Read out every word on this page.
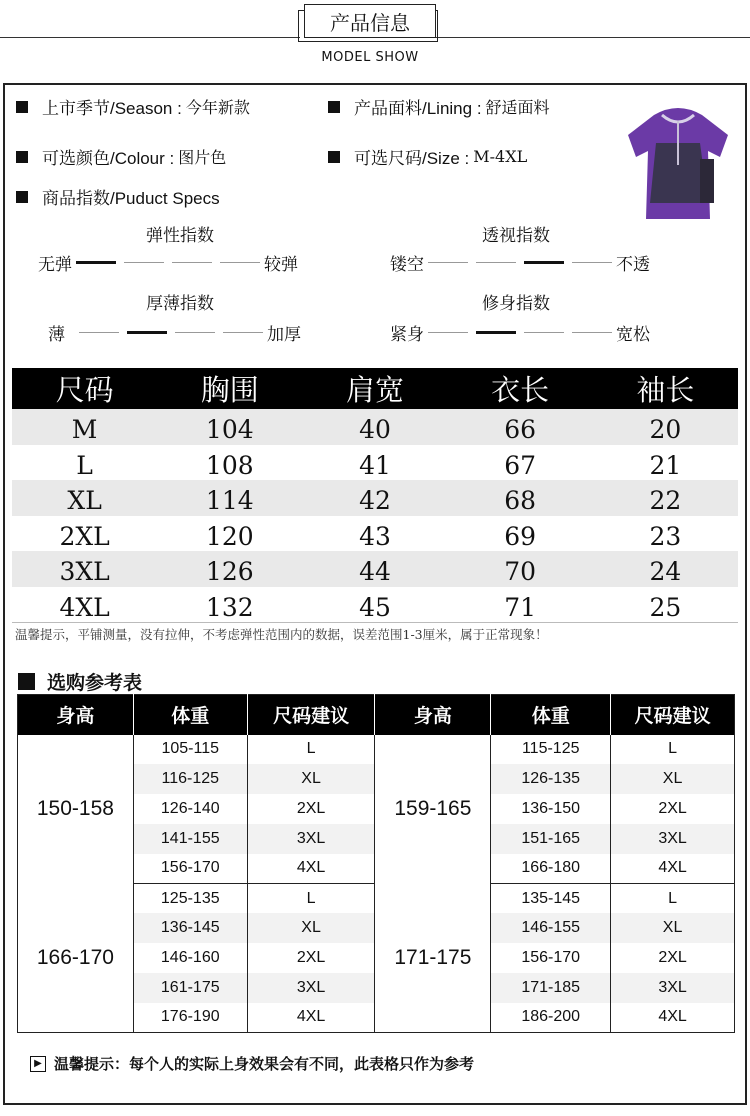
产品信息
MODEL SHOW
上市季节/Season : 今年新款	产品面料/Lining : 舒适面料
可选颜色/Colour : 图片色	可选尺码/Size : M-4XL
商品指数/Puduct Specs
弹性指数	透视指数
厚薄指数	修身指数
无弹	较弹	镂空	不透
薄	加厚	紧身	宽松
尺码	胸围	肩宽	衣长	袖长
M	104	40	66	20
L	108	41	67	21
XL	114	42	68	22
2XL	120	43	69	23
3XL	126	44	70	24
4XL	132	45	71	25
温馨提示，平铺测量，没有拉伸，不考虑弹性范围内的数据，误差范围1-3厘米，属于正常现象！
选购参考表
身高	体重	尺码建议	身高	体重	尺码建议
150-158	105-115	L	159-165	115-125	L
	116-125	XL		126-135	XL
	126-140	2XL		136-150	2XL
	141-155	3XL		151-165	3XL
	156-170	4XL		166-180	4XL
166-170	125-135	L	171-175	135-145	L
	136-145	XL		146-155	XL
	146-160	2XL		156-170	2XL
	161-175	3XL		171-185	3XL
	176-190	4XL		186-200	4XL
▶ 温馨提示：每个人的实际上身效果会有不同，此表格只作为参考
